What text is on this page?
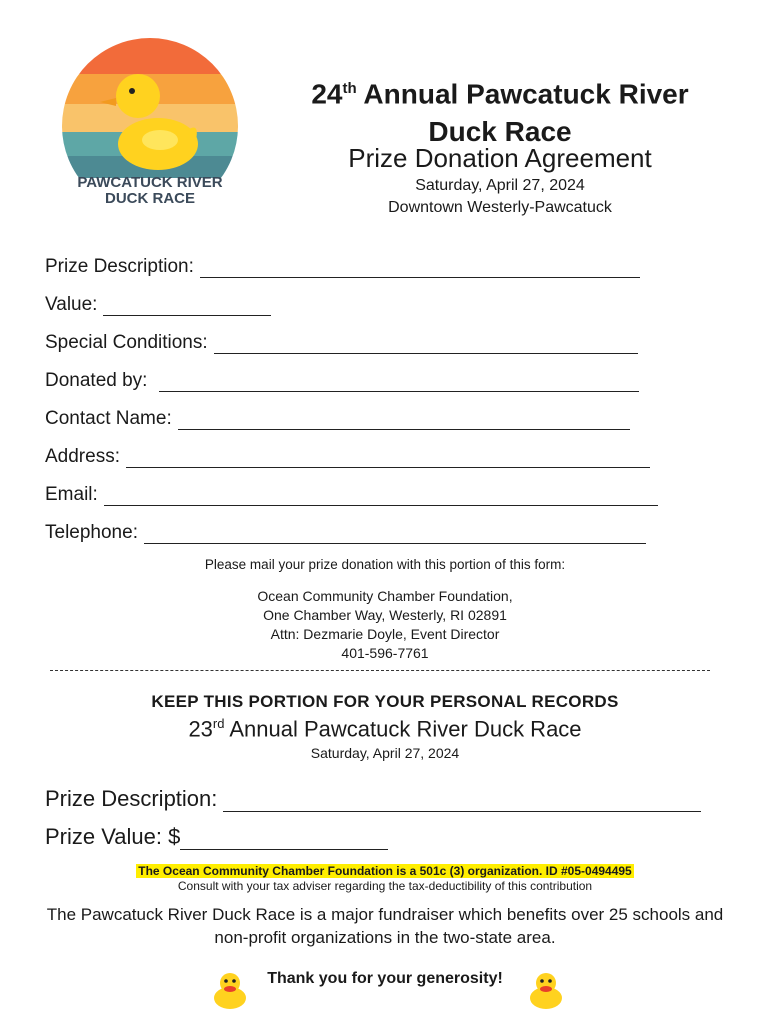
PAWCATUCK RIVER
DUCK RACE
24th Annual Pawcatuck River
Duck Race
Prize Donation Agreement
Saturday, April 27, 2024
Downtown Westerly-Pawcatuck
Prize Description:
Value:
Special Conditions:
Donated by:
Contact Name:
Address:
Email:
Telephone:
Please mail your prize donation with this portion of this form:
Ocean Community Chamber Foundation,
One Chamber Way, Westerly, RI 02891
Attn: Dezmarie Doyle, Event Director
401-596-7761
KEEP THIS PORTION FOR YOUR PERSONAL RECORDS
23rd Annual Pawcatuck River Duck Race
Saturday, April 27, 2024
Prize Description:
Prize Value: $
The Ocean Community Chamber Foundation is a 501c (3) organization. ID #05-0494495
Consult with your tax adviser regarding the tax-deductibility of this contribution
The Pawcatuck River Duck Race is a major fundraiser which benefits over 25 schools and non-profit organizations in the two-state area.
Thank you for your generosity!
